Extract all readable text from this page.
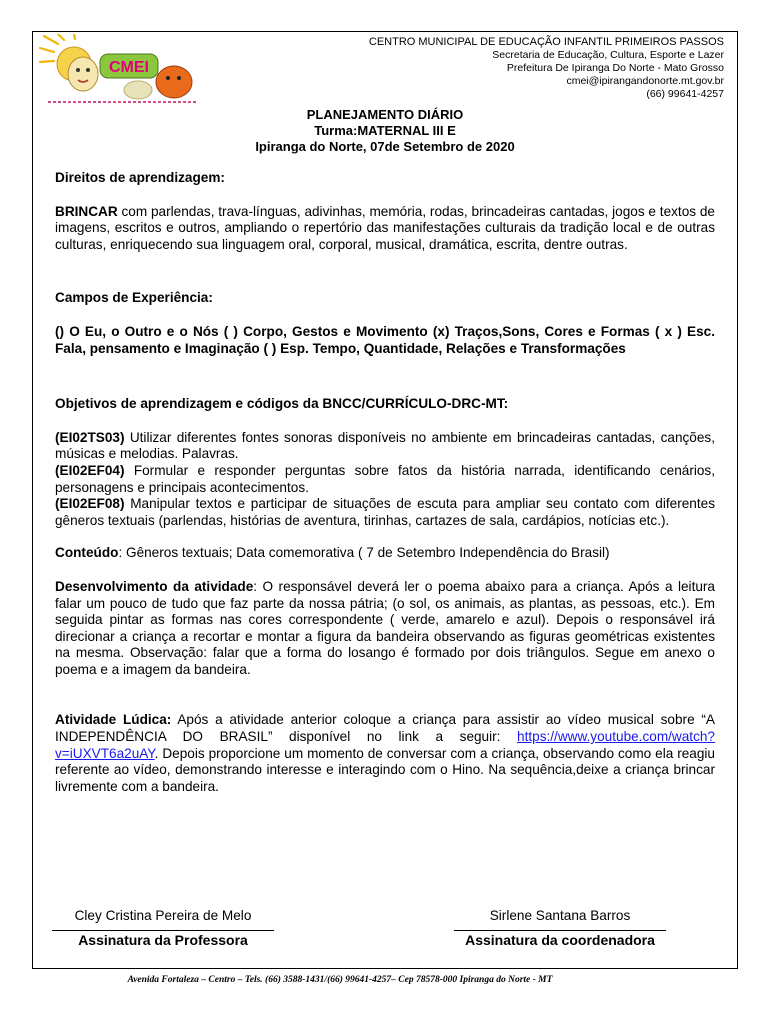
CMEI
CENTRO MUNICIPAL DE EDUCAÇÃO INFANTIL PRIMEIROS PASSOS
Secretaria de Educação, Cultura, Esporte e Lazer
Prefeitura De Ipiranga Do Norte - Mato Grosso
cmei@ipirangandonorte.mt.gov.br
(66) 99641-4257
PLANEJAMENTO DIÁRIO
Turma:MATERNAL III E
Ipiranga do Norte, 07de Setembro de 2020

Direitos de aprendizagem:

BRINCAR com parlendas, trava-línguas, adivinhas, memória, rodas, brincadeiras cantadas, jogos e textos de imagens, escritos e outros, ampliando o repertório das manifestações culturais da tradição local e de outras culturas, enriquecendo sua linguagem oral, corporal, musical, dramática, escrita, dentre outras.

Campos de Experiência:

() O Eu, o Outro e o Nós ( ) Corpo, Gestos e Movimento (x) Traços,Sons, Cores e Formas ( x ) Esc. Fala, pensamento e Imaginação ( ) Esp. Tempo, Quantidade, Relações e Transformações

Objetivos de aprendizagem e códigos da BNCC/CURRÍCULO-DRC-MT:

(EI02TS03) Utilizar diferentes fontes sonoras disponíveis no ambiente em brincadeiras cantadas, canções, músicas e melodias. Palavras.

(EI02EF04) Formular e responder perguntas sobre fatos da história narrada, identificando cenários, personagens e principais acontecimentos.

(EI02EF08) Manipular textos e participar de situações de escuta para ampliar seu contato com diferentes gêneros textuais (parlendas, histórias de aventura, tirinhas, cartazes de sala, cardápios, notícias etc.).

Conteúdo: Gêneros textuais; Data comemorativa ( 7 de Setembro Independência do Brasil)

Desenvolvimento da atividade: O responsável deverá ler o poema abaixo para a criança. Após a leitura falar um pouco de tudo que faz parte da nossa pátria; (o sol, os animais, as plantas, as pessoas, etc.). Em seguida pintar as formas nas cores correspondente ( verde, amarelo e azul). Depois o responsável irá direcionar a criança a recortar e montar a figura da bandeira observando as figuras geométricas existentes na mesma. Observação: falar que a forma do losango é formado por dois triângulos. Segue em anexo o poema e a imagem da bandeira.

Atividade Lúdica: Após a atividade anterior coloque a criança para assistir ao vídeo musical sobre “A INDEPENDÊNCIA DO BRASIL” disponível no link a seguir: https://www.youtube.com/watch?v=iUXVT6a2uAY. Depois proporcione um momento de conversar com a criança, observando como ela reagiu referente ao vídeo, demonstrando interesse e interagindo com o Hino. Na sequência,deixe a criança brincar livremente com a bandeira.

Cley Cristina Pereira de Melo
Assinatura da Professora
Sirlene Santana Barros
Assinatura da coordenadora
Avenida Fortaleza – Centro – Tels. (66) 3588-1431/(66) 99641-4257– Cep 78578-000 Ipiranga do Norte - MT
